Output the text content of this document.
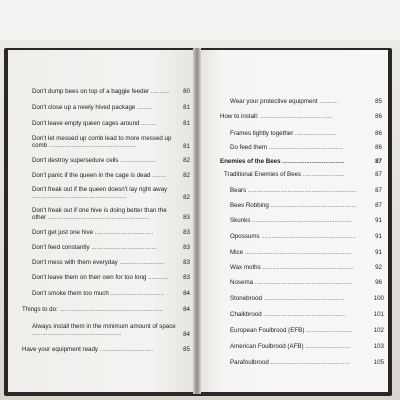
Don't dump bees on top of a baggie feeder ...........	80
Don't close up a newly hived package .........	81
Don't leave empty queen cages around .........	81
Don't let messed up comb lead to more messed up comb ...................................................	81
Don't destroy supersedure cells .....................	82
Don't panic if the queen in the cage is dead ........	82
Don't freak out if the queen doesn't lay right away .......................................................	82
Don't freak out if one hive is doing better than the other ...........................................................	83
Don't get just one hive ..................................	83
Don't feed constantly ......................................	83
Don't mess with them everyday ..........................	83
Don't leave them on their own for too long ............	83
Don't smoke them too much ...............................	84
Things to do: ............................................................	84
Always install them in the minimum amount of space ....................................................	84
Have your equipment ready ...............................	85
Wear your protective equipment ...........	85
How to install: ..........................................	86
Frames tightly together ........................	86
Do feed them ...........................................	86
Enemies of the Bees ....................................	87
Traditional Enemies of Bees ........................	87
Bears ...............................................................	87
Bees Robbing ..................................................	87
Skunks ..........................................................	91
Opossums .......................................................	91
Mice ..............................................................	91
Wax moths .....................................................	92
Nosema .........................................................	96
Stonebrood ...............................................	100
Chalkbrood ................................................	101
European Foulbrood (EFB) ...........................	102
American Foulbrood (AFB) ..........................	103
Parafoulbrood ..............................................	105
